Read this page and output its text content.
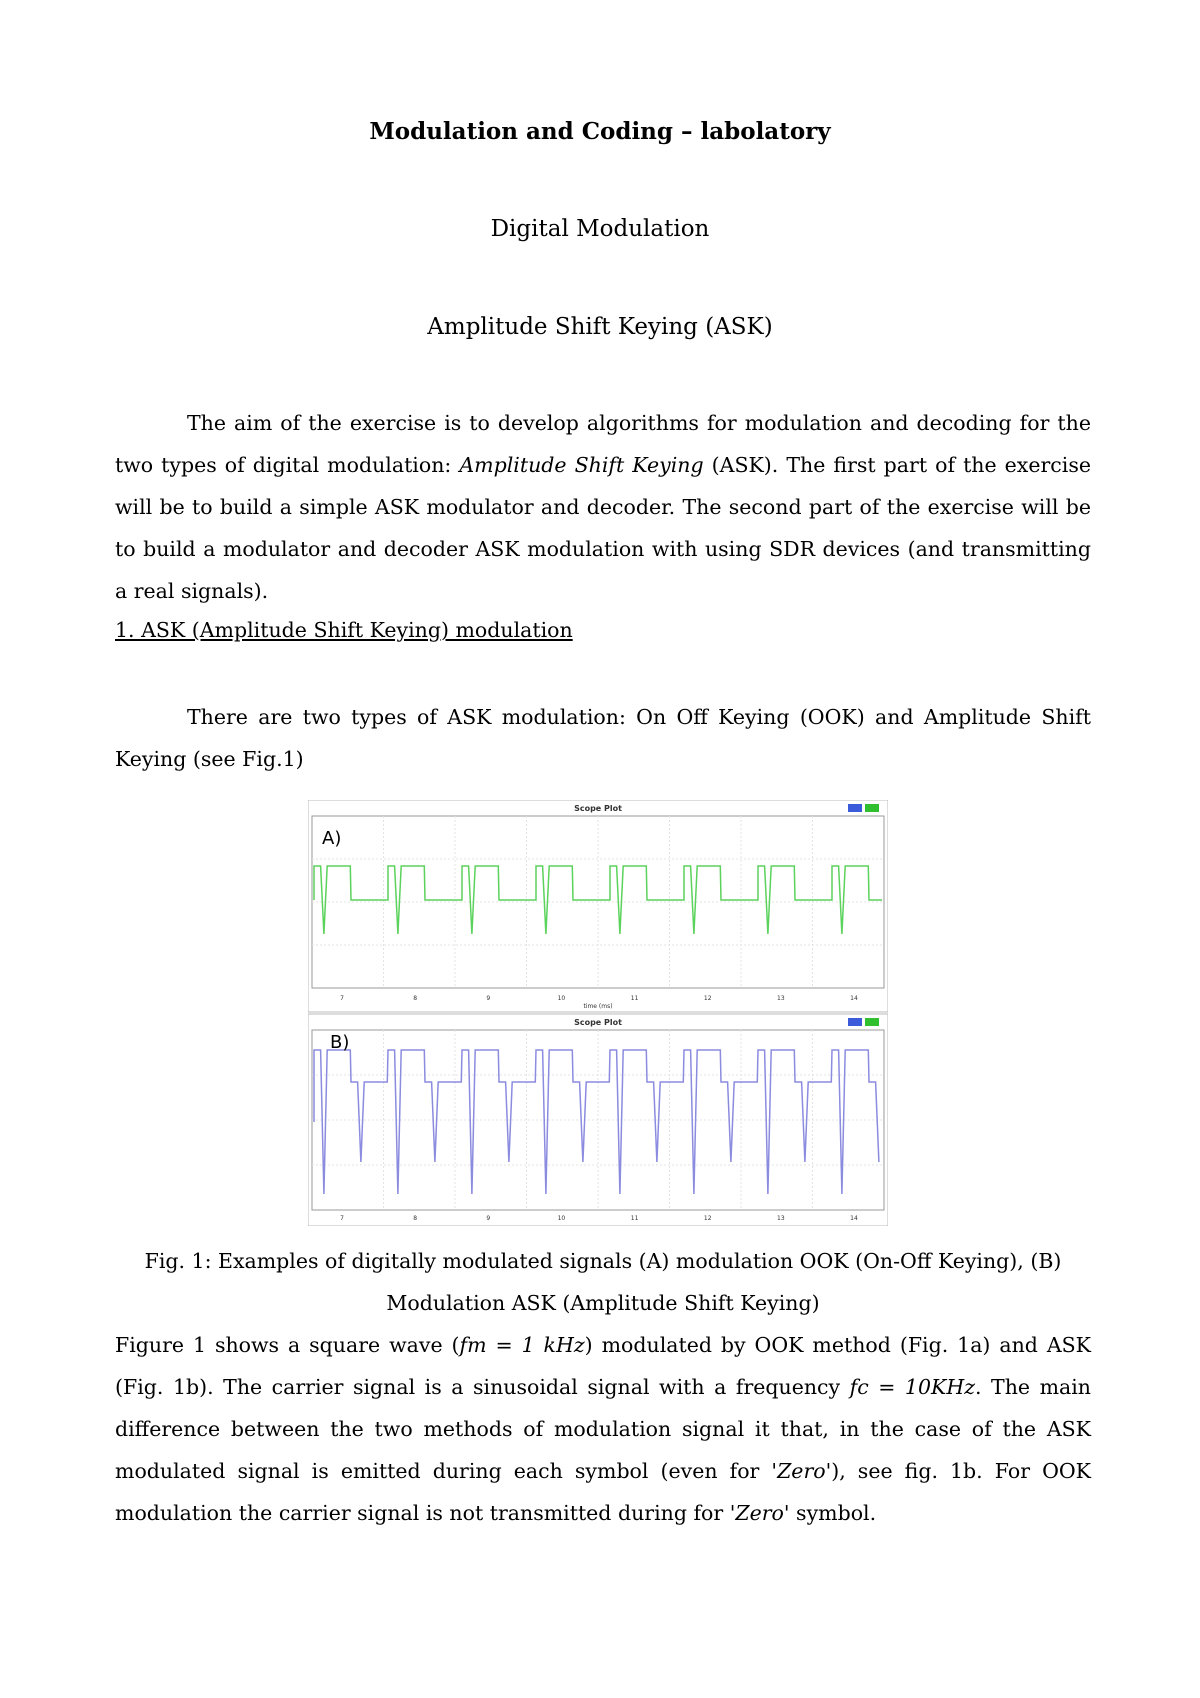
Modulation and Coding – labolatory
Digital Modulation
Amplitude Shift Keying (ASK)
The aim of the exercise is to develop algorithms for modulation and decoding for the two types of digital modulation: Amplitude Shift Keying (ASK). The first part of the exercise will be to build a simple ASK modulator and decoder. The second part of the exercise will be to build a modulator and decoder ASK modulation with using SDR devices (and transmitting a real signals).
1. ASK (Amplitude Shift Keying) modulation
There are two types of ASK modulation: On Off Keying (OOK) and Amplitude Shift Keying (see Fig.1)
Scope Plot
A)
7	8	9	10	11	12	13	14
time (ms)
Scope Plot
B)
7	8	9	10	11	12	13	14
Fig. 1: Examples of digitally modulated signals (A) modulation OOK (On-Off Keying), (B)
Modulation ASK (Amplitude Shift Keying)
Figure 1 shows a square wave (fm = 1 kHz) modulated by OOK method (Fig. 1a) and ASK (Fig. 1b). The carrier signal is a sinusoidal signal with a frequency fc = 10KHz. The main difference between the two methods of modulation signal it that, in the case of the ASK modulated signal is emitted during each symbol (even for 'Zero'), see fig. 1b. For OOK modulation the carrier signal is not transmitted during for 'Zero' symbol.
